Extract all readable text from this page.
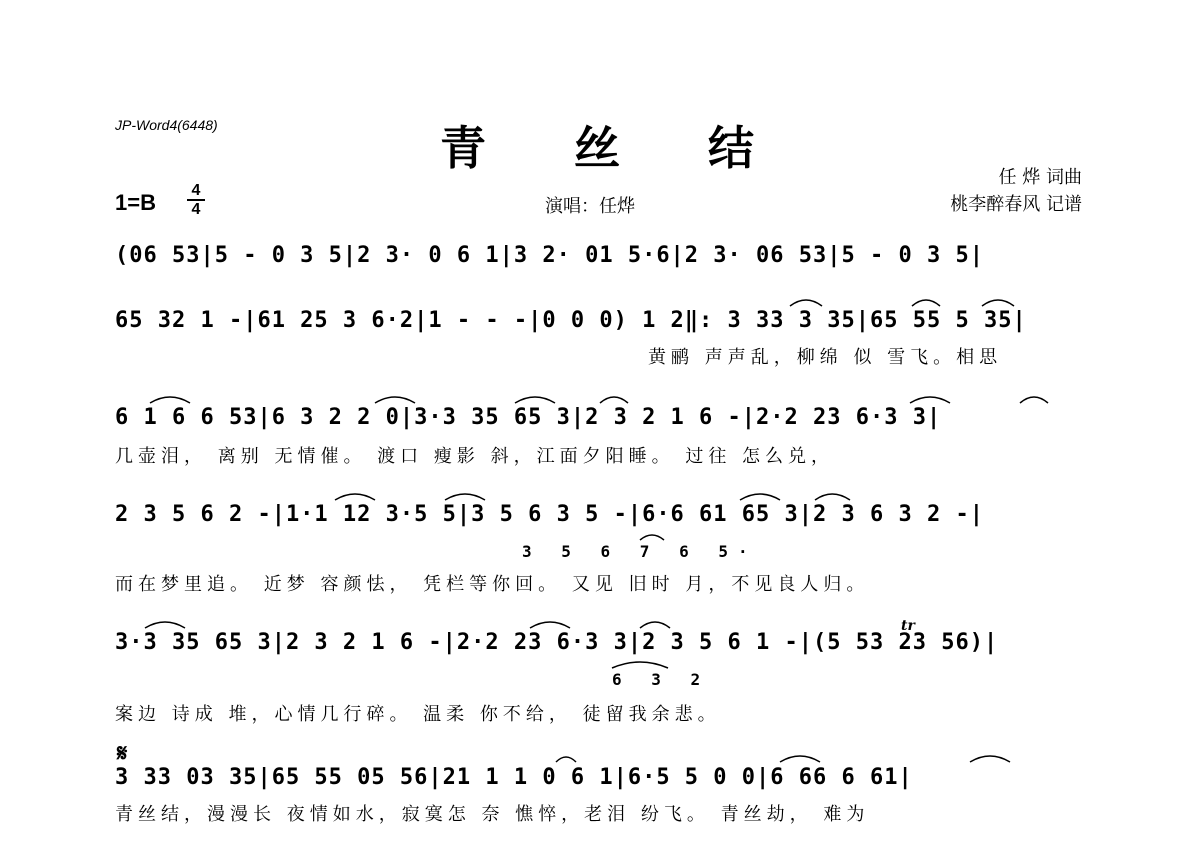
JP-Word4(6448)	青丝结
1=B 4
4	演唱：任烨
任 烨 词曲
桃李醉春风 记谱
(06 53|5 - 0 3 5|2 3· 0 6 1|3 2· 01 5·6|2 3· 06 53|5 - 0 3 5|
65 32 1 -|61 25 3 6·2|1 - - -|0 0 0) 1 2‖: 3 33 3 35|65 55 5 35|
黄鹂 声声乱，柳绵 似 雪飞。相思
6 1 6 6 53|6 3 2 2 0|3·3 35 65 3|2 3 2 1 6 -|2·2 23 6·3 3|
几壶泪， 离别 无情催。 渡口 瘦影 斜，江面夕阳睡。 过往 怎么兑，
2 3 5 6 2 -|1·1 12 3·5 5|3 5 6 3 5 -|6·6 61 65 3|2 3 6 3 2 -|
3 5 6 7 6 5·
而在梦里追。 近梦 容颜怯， 凭栏等你回。 又见 旧时 月，不见良人归。
tr
3·3 35 65 3|2 3 2 1 6 -|2·2 23 6·3 3|2 3 5 6 1 -|(5 53 23 56)|
6 3 2
案边 诗成 堆，心情几行碎。 温柔 你不给， 徒留我余悲。
𝄋
3 33 03 35|65 55 05 56|21 1 1 0 6 1|6·5 5 0 0|6 66 6 61|
青丝结，漫漫长 夜情如水，寂寞怎 奈 憔悴，老泪 纷飞。 青丝劫， 难为
